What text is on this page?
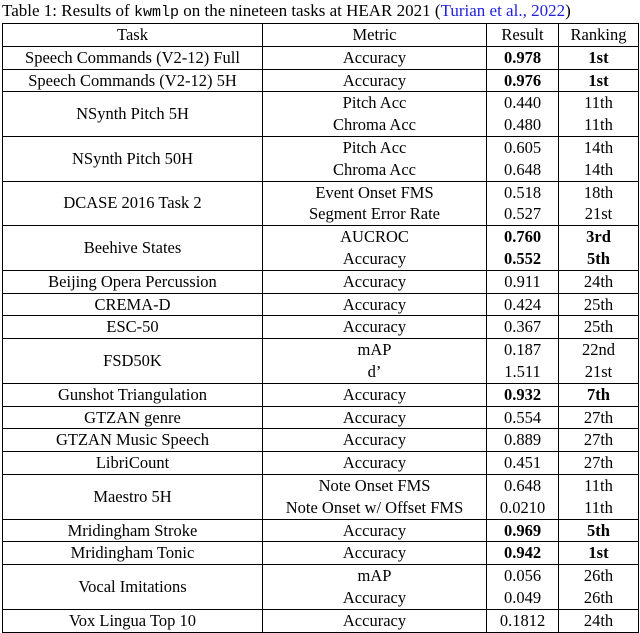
Table 1: Results of kwmlp on the nineteen tasks at HEAR 2021 (Turian et al., 2022)
Task	Metric	Result	Ranking
Speech Commands (V2-12) Full	Accuracy	0.978	1st
Speech Commands (V2-12) 5H	Accuracy	0.976	1st
NSynth Pitch 5H	Pitch Acc	0.440	11th
	Chroma Acc	0.480	11th
NSynth Pitch 50H	Pitch Acc	0.605	14th
	Chroma Acc	0.648	14th
DCASE 2016 Task 2	Event Onset FMS	0.518	18th
	Segment Error Rate	0.527	21st
Beehive States	AUCROC	0.760	3rd
	Accuracy	0.552	5th
Beijing Opera Percussion	Accuracy	0.911	24th
CREMA-D	Accuracy	0.424	25th
ESC-50	Accuracy	0.367	25th
FSD50K	mAP	0.187	22nd
	d’	1.511	21st
Gunshot Triangulation	Accuracy	0.932	7th
GTZAN genre	Accuracy	0.554	27th
GTZAN Music Speech	Accuracy	0.889	27th
LibriCount	Accuracy	0.451	27th
Maestro 5H	Note Onset FMS	0.648	11th
	Note Onset w/ Offset FMS	0.0210	11th
Mridingham Stroke	Accuracy	0.969	5th
Mridingham Tonic	Accuracy	0.942	1st
Vocal Imitations	mAP	0.056	26th
	Accuracy	0.049	26th
Vox Lingua Top 10	Accuracy	0.1812	24th
